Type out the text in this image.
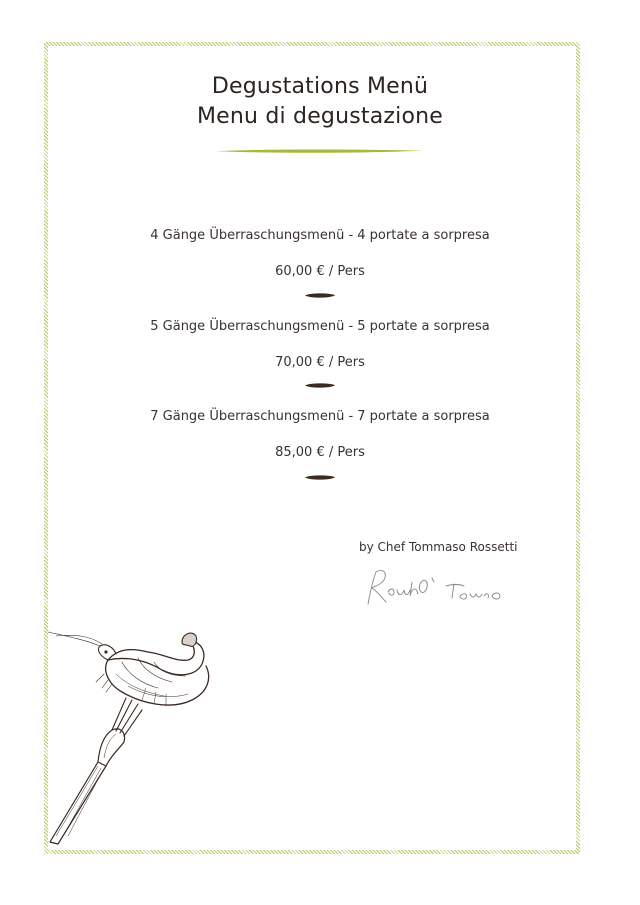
Degustations Menü
Menu di degustazione
4 Gänge Überraschungsmenü - 4 portate a sorpresa
60,00 € / Pers
5 Gänge Überraschungsmenü - 5 portate a sorpresa
70,00 € / Pers
7 Gänge Überraschungsmenü - 7 portate a sorpresa
85,00 € / Pers
by Chef Tommaso Rossetti
